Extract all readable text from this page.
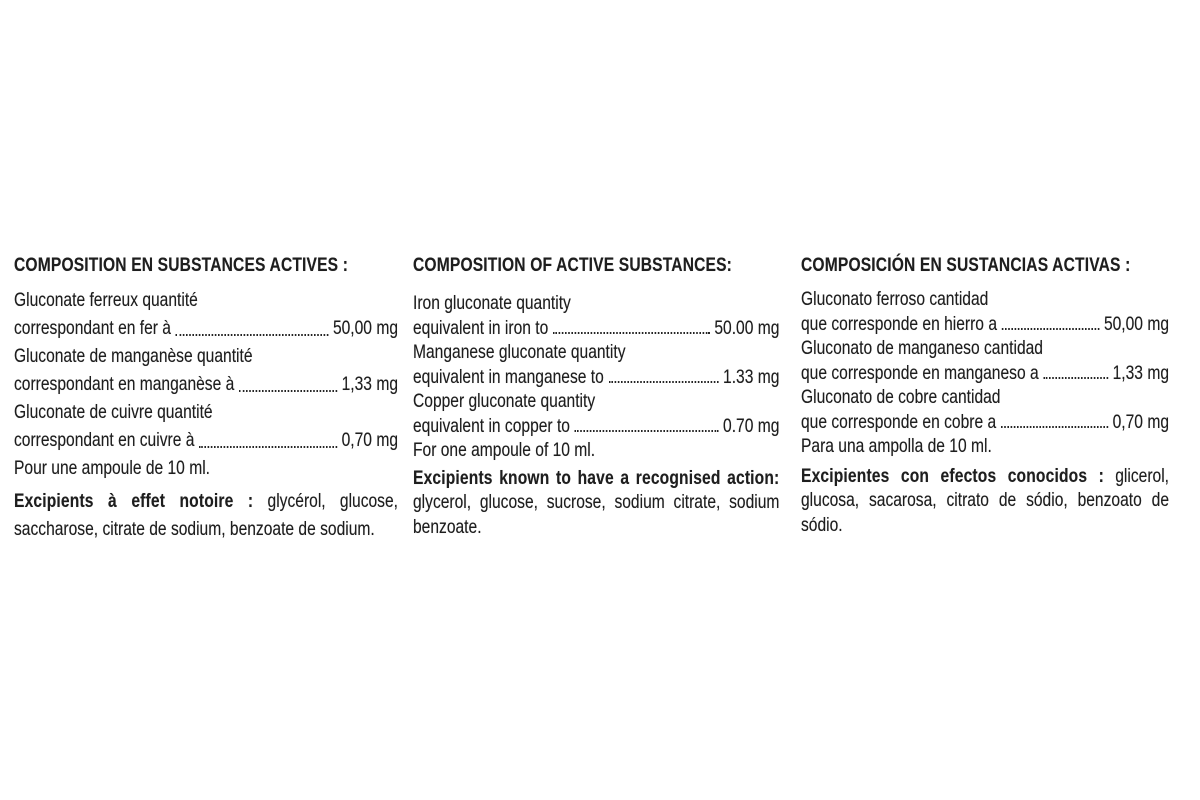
COMPOSITION EN SUBSTANCES ACTIVES :
Gluconate ferreux quantité
correspondant en fer à	50,00 mg
Gluconate de manganèse quantité
correspondant en manganèse à	1,33 mg
Gluconate de cuivre quantité
correspondant en cuivre à	0,70 mg
Pour une ampoule de 10 ml.

Excipients à effet notoire : glycérol, glucose, saccharose, citrate de sodium, benzoate de sodium.

COMPOSITION OF ACTIVE SUBSTANCES:
Iron gluconate quantity
equivalent in iron to	50.00 mg
Manganese gluconate quantity
equivalent in manganese to	1.33 mg
Copper gluconate quantity
equivalent in copper to	0.70 mg
For one ampoule of 10 ml.

Excipients known to have a recognised action: glycerol, glucose, sucrose, sodium citrate, sodium benzoate.

COMPOSICIÓN EN SUSTANCIAS ACTIVAS :
Gluconato ferroso cantidad
que corresponde en hierro a	50,00 mg
Gluconato de manganeso cantidad
que corresponde en manganeso a	1,33 mg
Gluconato de cobre cantidad
que corresponde en cobre a	0,70 mg
Para una ampolla de 10 ml.

Excipientes con efectos conocidos : glicerol, glucosa, sacarosa, citrato de sódio, benzoato de sódio.
